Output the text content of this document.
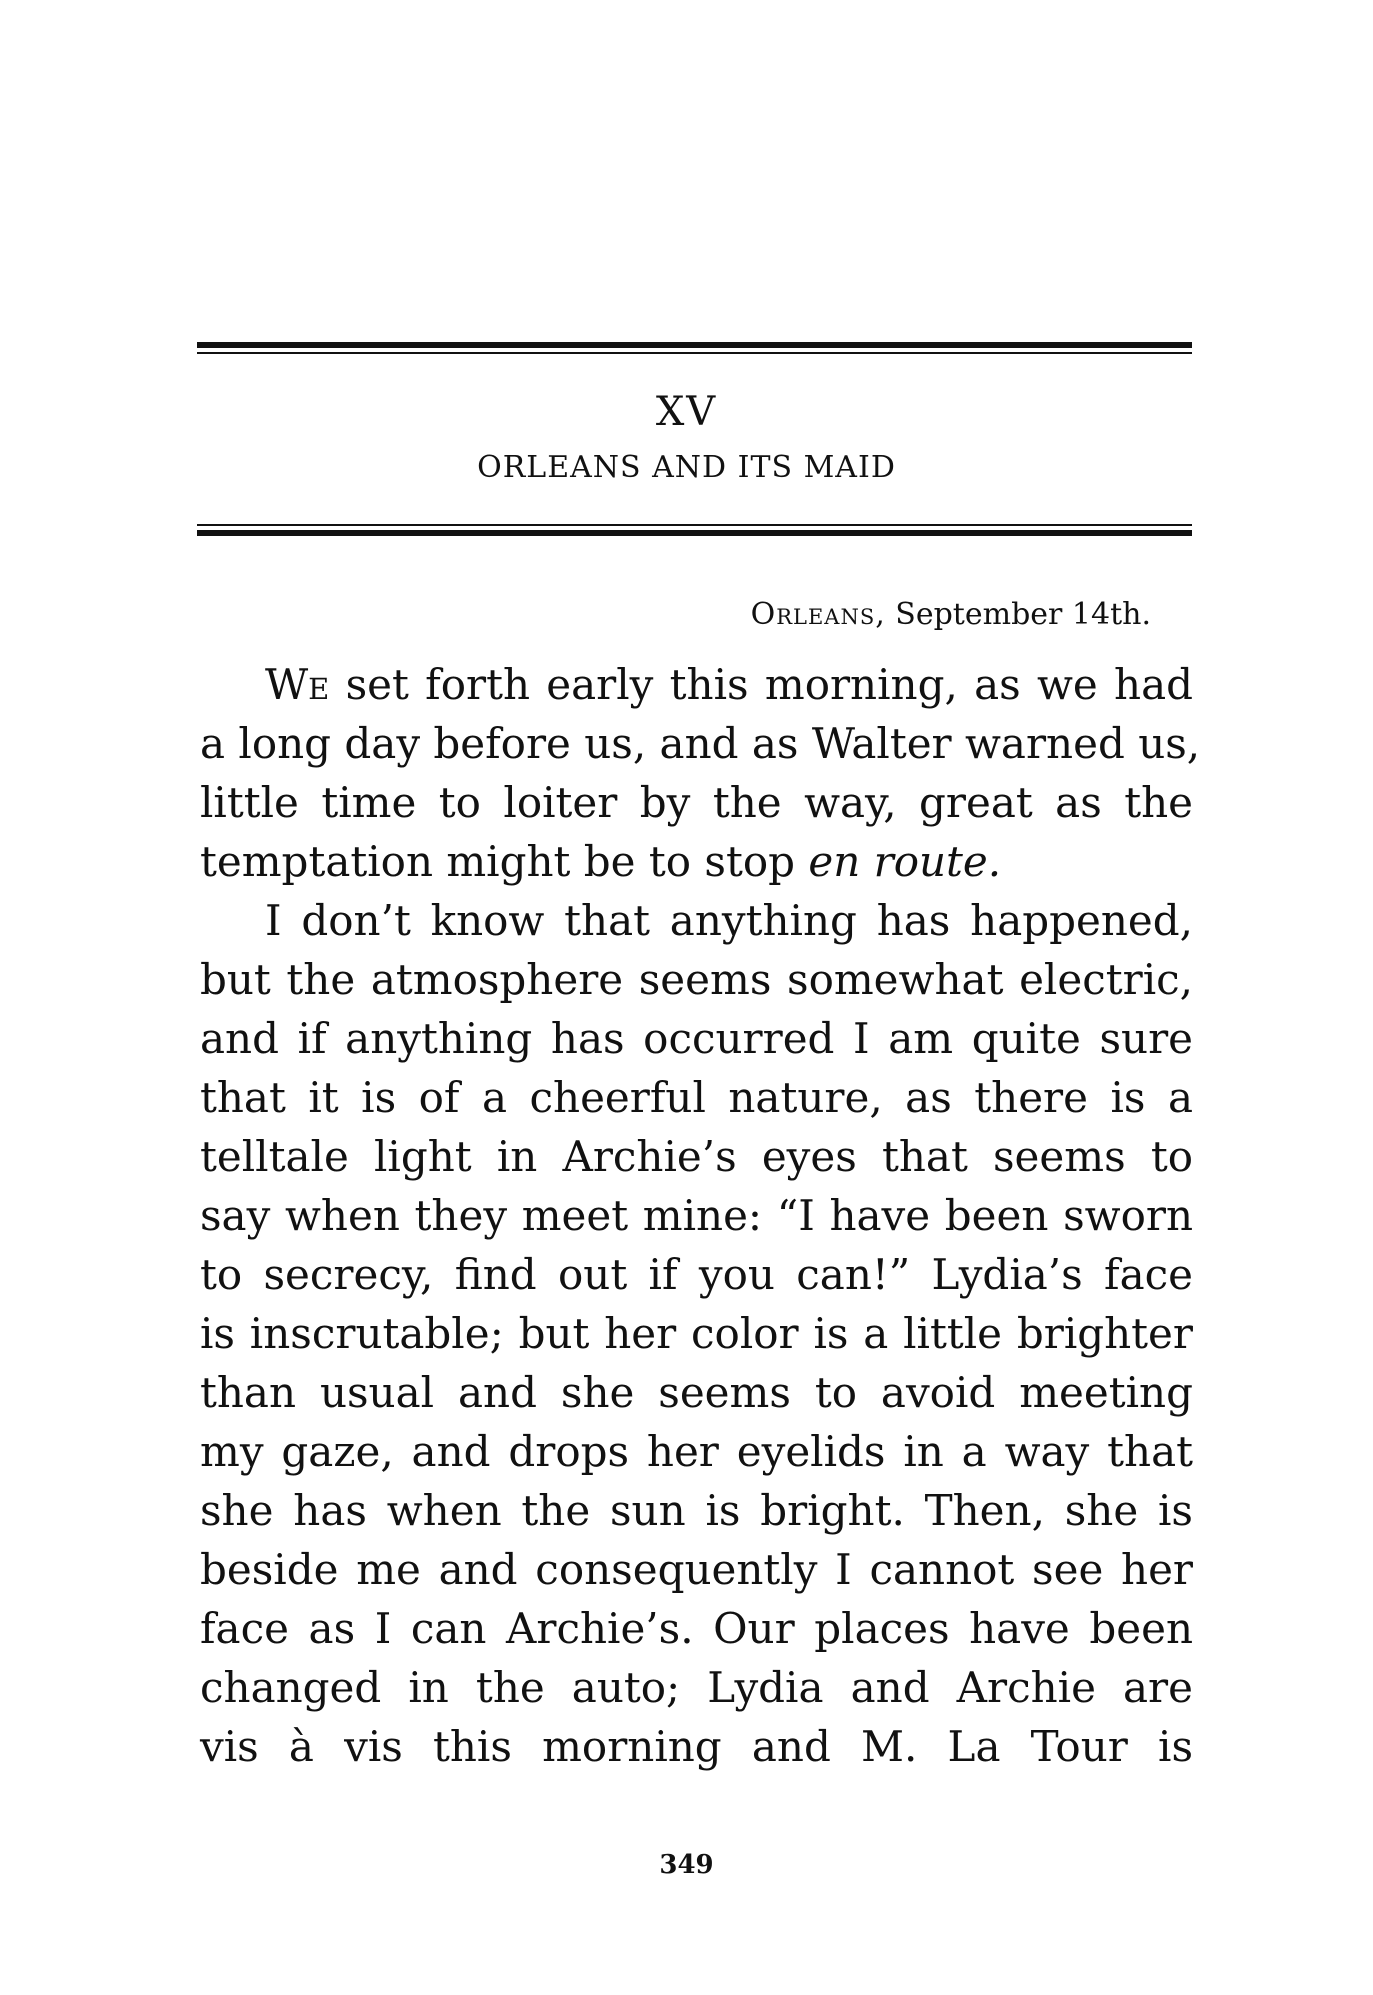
XV
ORLEANS AND ITS MAID
Orleans, September 14th.
We set forth early this morning, as we had
a long day before us, and as Walter warned us,
little time to loiter by the way, great as the
temptation might be to stop en route.
I don’t know that anything has happened,
but the atmosphere seems somewhat electric,
and if anything has occurred I am quite sure
that it is of a cheerful nature, as there is a
telltale light in Archie’s eyes that seems to
say when they meet mine: “I have been sworn
to secrecy, find out if you can!” Lydia’s face
is inscrutable; but her color is a little brighter
than usual and she seems to avoid meeting
my gaze, and drops her eyelids in a way that
she has when the sun is bright. Then, she is
beside me and consequently I cannot see her
face as I can Archie’s. Our places have been
changed in the auto; Lydia and Archie are
vis à vis this morning and M. La Tour is
349
